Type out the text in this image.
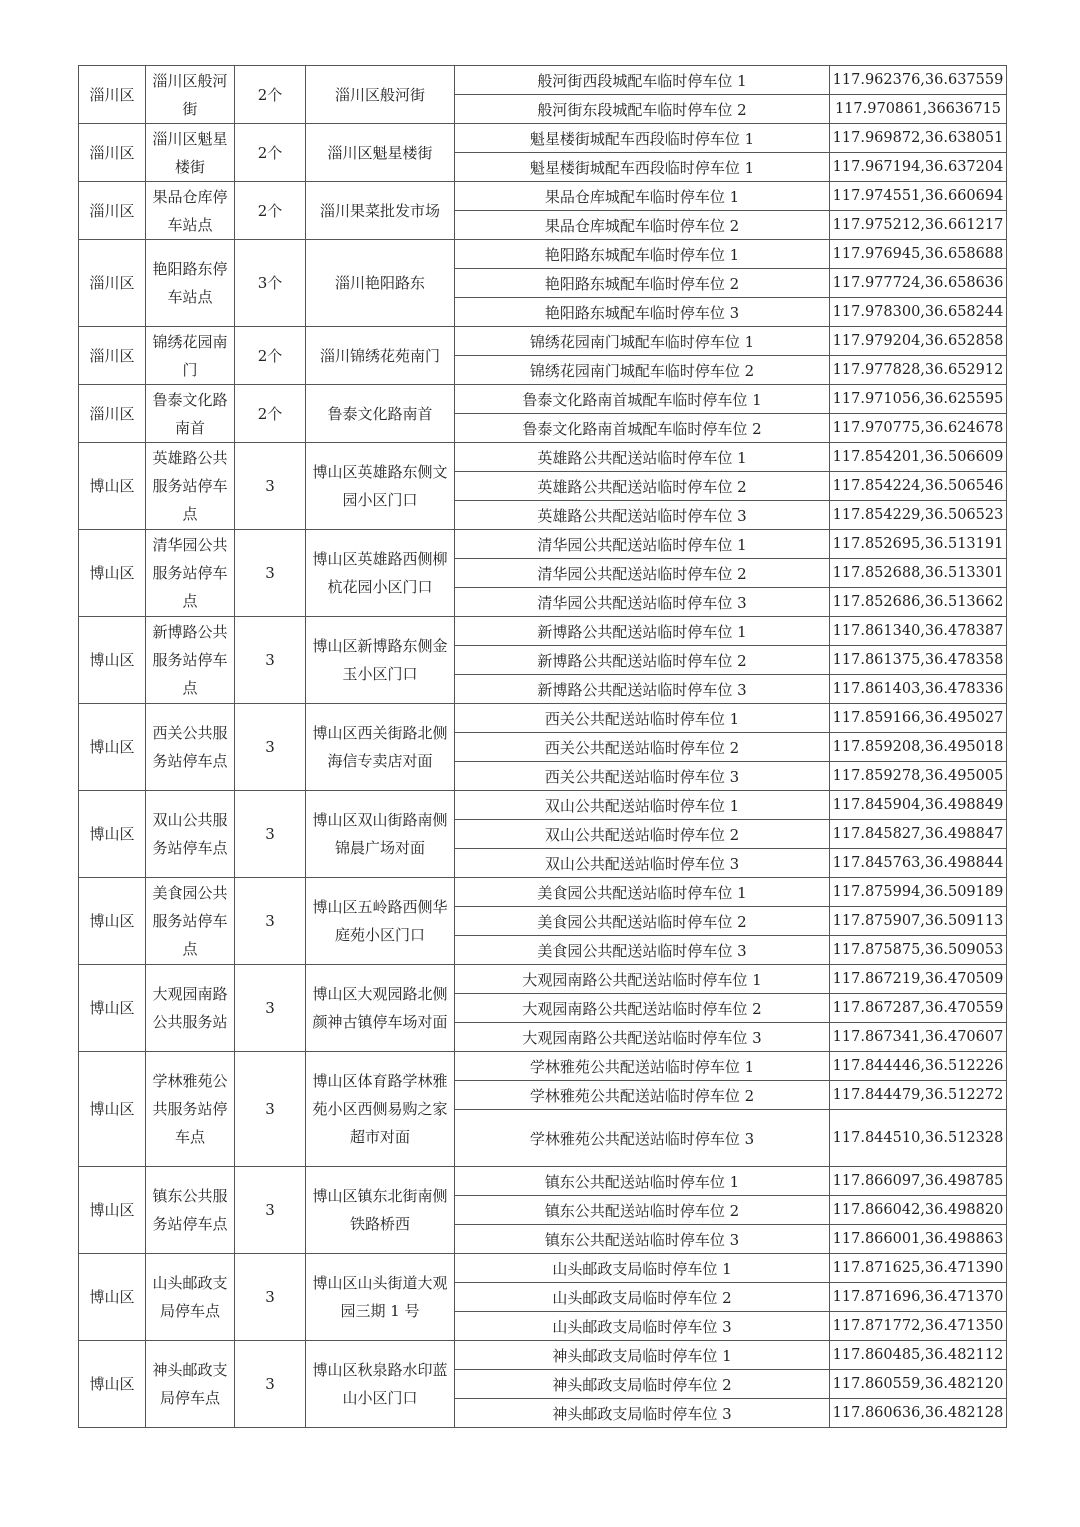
淄川区	淄川区般河街	2个	淄川区般河街	般河街西段城配车临时停车位 1	117.962376,36.637559
				般河街东段城配车临时停车位 2	117.970861,36636715
淄川区	淄川区魁星楼街	2个	淄川区魁星楼街	魁星楼街城配车西段临时停车位 1	117.969872,36.638051
				魁星楼街城配车西段临时停车位 1	117.967194,36.637204
淄川区	果品仓库停车站点	2个	淄川果菜批发市场	果品仓库城配车临时停车位 1	117.974551,36.660694
				果品仓库城配车临时停车位 2	117.975212,36.661217
淄川区	艳阳路东停车站点	3个	淄川艳阳路东	艳阳路东城配车临时停车位 1	117.976945,36.658688
				艳阳路东城配车临时停车位 2	117.977724,36.658636
				艳阳路东城配车临时停车位 3	117.978300,36.658244
淄川区	锦绣花园南门	2个	淄川锦绣花苑南门	锦绣花园南门城配车临时停车位 1	117.979204,36.652858
				锦绣花园南门城配车临时停车位 2	117.977828,36.652912
淄川区	鲁泰文化路南首	2个	鲁泰文化路南首	鲁泰文化路南首城配车临时停车位 1	117.971056,36.625595
				鲁泰文化路南首城配车临时停车位 2	117.970775,36.624678
博山区	英雄路公共服务站停车点	3	博山区英雄路东侧文园小区门口	英雄路公共配送站临时停车位 1	117.854201,36.506609
				英雄路公共配送站临时停车位 2	117.854224,36.506546
				英雄路公共配送站临时停车位 3	117.854229,36.506523
博山区	清华园公共服务站停车点	3	博山区英雄路西侧柳杭花园小区门口	清华园公共配送站临时停车位 1	117.852695,36.513191
				清华园公共配送站临时停车位 2	117.852688,36.513301
				清华园公共配送站临时停车位 3	117.852686,36.513662
博山区	新博路公共服务站停车点	3	博山区新博路东侧金玉小区门口	新博路公共配送站临时停车位 1	117.861340,36.478387
				新博路公共配送站临时停车位 2	117.861375,36.478358
				新博路公共配送站临时停车位 3	117.861403,36.478336
博山区	西关公共服务站停车点	3	博山区西关街路北侧海信专卖店对面	西关公共配送站临时停车位 1	117.859166,36.495027
				西关公共配送站临时停车位 2	117.859208,36.495018
				西关公共配送站临时停车位 3	117.859278,36.495005
博山区	双山公共服务站停车点	3	博山区双山街路南侧锦晨广场对面	双山公共配送站临时停车位 1	117.845904,36.498849
				双山公共配送站临时停车位 2	117.845827,36.498847
				双山公共配送站临时停车位 3	117.845763,36.498844
博山区	美食园公共服务站停车点	3	博山区五岭路西侧华庭苑小区门口	美食园公共配送站临时停车位 1	117.875994,36.509189
				美食园公共配送站临时停车位 2	117.875907,36.509113
				美食园公共配送站临时停车位 3	117.875875,36.509053
博山区	大观园南路公共服务站	3	博山区大观园路北侧颜神古镇停车场对面	大观园南路公共配送站临时停车位 1	117.867219,36.470509
				大观园南路公共配送站临时停车位 2	117.867287,36.470559
				大观园南路公共配送站临时停车位 3	117.867341,36.470607
博山区	学林雅苑公共服务站停车点	3	博山区体育路学林雅苑小区西侧易购之家超市对面	学林雅苑公共配送站临时停车位 1	117.844446,36.512226
				学林雅苑公共配送站临时停车位 2	117.844479,36.512272
				学林雅苑公共配送站临时停车位 3	117.844510,36.512328
博山区	镇东公共服务站停车点	3	博山区镇东北街南侧铁路桥西	镇东公共配送站临时停车位 1	117.866097,36.498785
				镇东公共配送站临时停车位 2	117.866042,36.498820
				镇东公共配送站临时停车位 3	117.866001,36.498863
博山区	山头邮政支局停车点	3	博山区山头街道大观园三期 1 号	山头邮政支局临时停车位 1	117.871625,36.471390
				山头邮政支局临时停车位 2	117.871696,36.471370
				山头邮政支局临时停车位 3	117.871772,36.471350
博山区	神头邮政支局停车点	3	博山区秋泉路水印蓝山小区门口	神头邮政支局临时停车位 1	117.860485,36.482112
				神头邮政支局临时停车位 2	117.860559,36.482120
				神头邮政支局临时停车位 3	117.860636,36.482128
